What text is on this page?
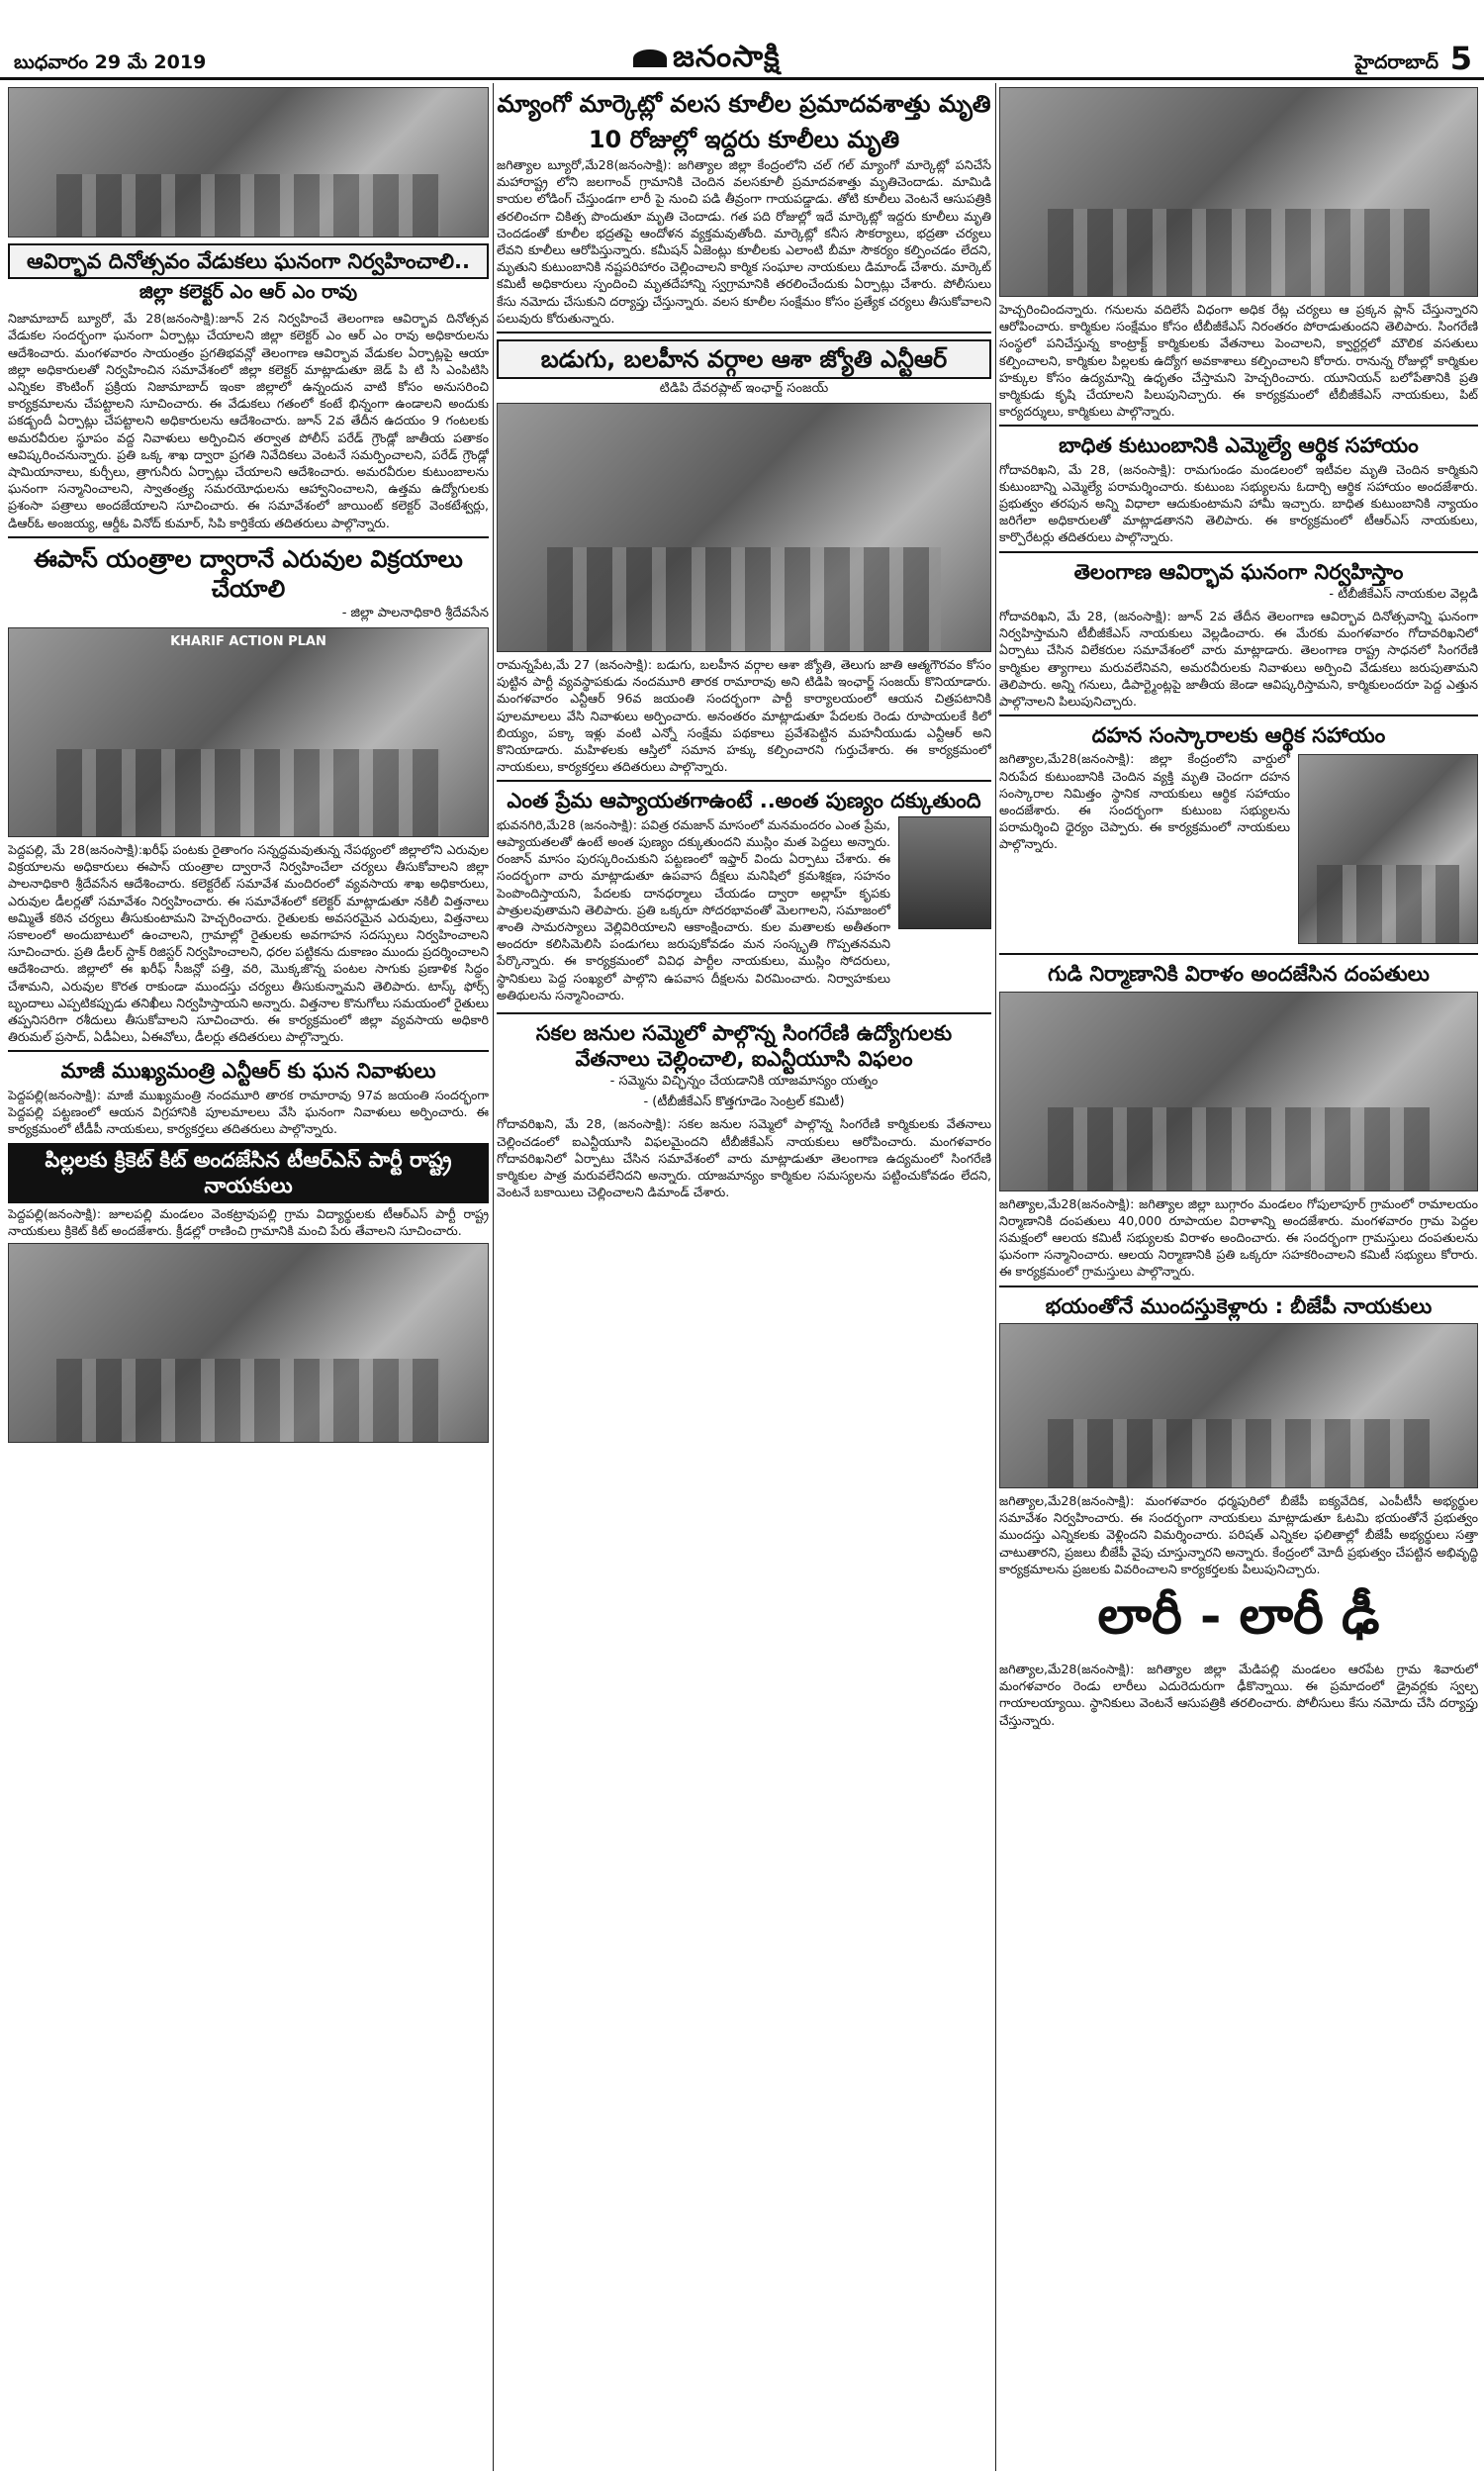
బుధవారం 29 మే 2019	జనంసాక్షి	హైదరాబాద్ 5
ఆవిర్భావ దినోత్సవం వేడుకలు ఘనంగా నిర్వహించాలి..
జిల్లా కలెక్టర్ ఎం ఆర్ ఎం రావు

నిజామాబాద్ బ్యూరో, మే 28(జనంసాక్షి):జూన్ 2న నిర్వహించే తెలంగాణ ఆవిర్భావ దినోత్సవ వేడుకల సందర్భంగా ఘనంగా ఏర్పాట్లు చేయాలని జిల్లా కలెక్టర్ ఎం ఆర్ ఎం రావు అధికారులను ఆదేశించారు. మంగళవారం సాయంత్రం ప్రగతిభవన్లో తెలంగాణ ఆవిర్భావ వేడుకల ఏర్పాట్లపై ఆయా జిల్లా అధికారులతో నిర్వహించిన సమావేశంలో జిల్లా కలెక్టర్ మాట్లాడుతూ జెడ్ పి టి సి ఎంపిటిసి ఎన్నికల కౌంటింగ్ ప్రక్రియ నిజామాబాద్ ఇంకా జిల్లాలో ఉన్నందున వాటి కోసం అనుసరించి కార్యక్రమాలను చేపట్టాలని సూచించారు. ఈ వేడుకలు గతంలో కంటే భిన్నంగా ఉండాలని అందుకు పకడ్బందీ ఏర్పాట్లు చేపట్టాలని అధికారులను ఆదేశించారు. జూన్ 2వ తేదీన ఉదయం 9 గంటలకు అమరవీరుల స్థూపం వద్ద నివాళులు అర్పించిన తర్వాత పోలీస్ పరేడ్ గ్రౌండ్లో జాతీయ పతాకం ఆవిష్కరించనున్నారు. ప్రతి ఒక్క శాఖ ద్వారా ప్రగతి నివేదికలు వెంటనే సమర్పించాలని, పరేడ్ గ్రౌండ్లో షామియానాలు, కుర్చీలు, త్రాగునీరు ఏర్పాట్లు చేయాలని ఆదేశించారు. అమరవీరుల కుటుంబాలను ఘనంగా సన్మానించాలని, స్వాతంత్ర్య సమరయోధులను ఆహ్వానించాలని, ఉత్తమ ఉద్యోగులకు ప్రశంసా పత్రాలు అందజేయాలని సూచించారు. ఈ సమావేశంలో జాయింట్ కలెక్టర్ వెంకటేశ్వర్లు, డిఆర్ఓ అంజయ్య, ఆర్డీఓ వినోద్ కుమార్, సిపి కార్తికేయ తదితరులు పాల్గొన్నారు.

ఈపాస్ యంత్రాల ద్వారానే ఎరువుల విక్రయాలు చేయాలి
- జిల్లా పాలనాధికారి శ్రీదేవసేన
KHARIF ACTION PLAN

పెద్దపల్లి, మే 28(జనంసాక్షి):ఖరీఫ్ పంటకు రైతాంగం సన్నద్ధమవుతున్న నేపథ్యంలో జిల్లాలోని ఎరువుల విక్రయాలను అధికారులు ఈపాస్ యంత్రాల ద్వారానే నిర్వహించేలా చర్యలు తీసుకోవాలని జిల్లా పాలనాధికారి శ్రీదేవసేన ఆదేశించారు. కలెక్టరేట్ సమావేశ మందిరంలో వ్యవసాయ శాఖ అధికారులు, ఎరువుల డీలర్లతో సమావేశం నిర్వహించారు. ఈ సమావేశంలో కలెక్టర్ మాట్లాడుతూ నకిలీ విత్తనాలు అమ్మితే కఠిన చర్యలు తీసుకుంటామని హెచ్చరించారు. రైతులకు అవసరమైన ఎరువులు, విత్తనాలు సకాలంలో అందుబాటులో ఉంచాలని, గ్రామాల్లో రైతులకు అవగాహన సదస్సులు నిర్వహించాలని సూచించారు. ప్రతి డీలర్ స్టాక్ రిజిస్టర్ నిర్వహించాలని, ధరల పట్టికను దుకాణం ముందు ప్రదర్శించాలని ఆదేశించారు. జిల్లాలో ఈ ఖరీఫ్ సీజన్లో పత్తి, వరి, మొక్కజొన్న పంటల సాగుకు ప్రణాళిక సిద్ధం చేశామని, ఎరువుల కొరత రాకుండా ముందస్తు చర్యలు తీసుకున్నామని తెలిపారు. టాస్క్ ఫోర్స్ బృందాలు ఎప్పటికప్పుడు తనిఖీలు నిర్వహిస్తాయని అన్నారు. విత్తనాల కొనుగోలు సమయంలో రైతులు తప్పనిసరిగా రశీదులు తీసుకోవాలని సూచించారు. ఈ కార్యక్రమంలో జిల్లా వ్యవసాయ అధికారి తిరుమల్ ప్రసాద్, ఏడీఏలు, ఏఈవోలు, డీలర్లు తదితరులు పాల్గొన్నారు.

మాజీ ముఖ్యమంత్రి ఎన్టీఆర్ కు ఘన నివాళులు

పెద్దపల్లి(జనంసాక్షి): మాజీ ముఖ్యమంత్రి నందమూరి తారక రామారావు 97వ జయంతి సందర్భంగా పెద్దపల్లి పట్టణంలో ఆయన విగ్రహానికి పూలమాలలు వేసి ఘనంగా నివాళులు అర్పించారు. ఈ కార్యక్రమంలో టీడీపీ నాయకులు, కార్యకర్తలు తదితరులు పాల్గొన్నారు.

పిల్లలకు క్రికెట్ కిట్ అందజేసిన టీఆర్ఎస్ పార్టీ రాష్ట్ర నాయకులు

పెద్దపల్లి(జనంసాక్షి): జూలపల్లి మండలం వెంకట్రావుపల్లి గ్రామ విద్యార్థులకు టీఆర్ఎస్ పార్టీ రాష్ట్ర నాయకులు క్రికెట్ కిట్ అందజేశారు. క్రీడల్లో రాణించి గ్రామానికి మంచి పేరు తేవాలని సూచించారు.

మ్యాంగో మార్కెట్లో వలస కూలీల ప్రమాదవశాత్తు మృతి
10 రోజుల్లో ఇద్దరు కూలీలు మృతి

జగిత్యాల బ్యూరో,మే28(జనంసాక్షి): జగిత్యాల జిల్లా కేంద్రంలోని చల్ గల్ మ్యాంగో మార్కెట్లో పనిచేసే మహారాష్ట్ర లోని జలగాంవ్ గ్రామానికి చెందిన వలసకూలీ ప్రమాదవశాత్తు మృతిచెందాడు. మామిడి కాయల లోడింగ్ చేస్తుండగా లారీ పై నుంచి పడి తీవ్రంగా గాయపడ్డాడు. తోటి కూలీలు వెంటనే ఆసుపత్రికి తరలించగా చికిత్స పొందుతూ మృతి చెందాడు. గత పది రోజుల్లో ఇదే మార్కెట్లో ఇద్దరు కూలీలు మృతి చెందడంతో కూలీల భద్రతపై ఆందోళన వ్యక్తమవుతోంది. మార్కెట్లో కనీస సౌకర్యాలు, భద్రతా చర్యలు లేవని కూలీలు ఆరోపిస్తున్నారు. కమీషన్ ఏజెంట్లు కూలీలకు ఎలాంటి బీమా సౌకర్యం కల్పించడం లేదని, మృతుని కుటుంబానికి నష్టపరిహారం చెల్లించాలని కార్మిక సంఘాల నాయకులు డిమాండ్ చేశారు. మార్కెట్ కమిటీ అధికారులు స్పందించి మృతదేహాన్ని స్వగ్రామానికి తరలించేందుకు ఏర్పాట్లు చేశారు. పోలీసులు కేసు నమోదు చేసుకుని దర్యాప్తు చేస్తున్నారు. వలస కూలీల సంక్షేమం కోసం ప్రత్యేక చర్యలు తీసుకోవాలని పలువురు కోరుతున్నారు.

బడుగు, బలహీన వర్గాల ఆశా జ్యోతి ఎన్టీఆర్
టిడిపి దేవరప్లాట్ ఇంఛార్జ్ సంజయ్

రామన్నపేట,మే 27 (జనంసాక్షి): బడుగు, బలహీన వర్గాల ఆశా జ్యోతి, తెలుగు జాతి ఆత్మగౌరవం కోసం పుట్టిన పార్టీ వ్యవస్థాపకుడు నందమూరి తారక రామారావు అని టిడిపి ఇంఛార్జ్ సంజయ్ కొనియాడారు. మంగళవారం ఎన్టీఆర్ 96వ జయంతి సందర్భంగా పార్టీ కార్యాలయంలో ఆయన చిత్రపటానికి పూలమాలలు వేసి నివాళులు అర్పించారు. అనంతరం మాట్లాడుతూ పేదలకు రెండు రూపాయలకే కిలో బియ్యం, పక్కా ఇళ్లు వంటి ఎన్నో సంక్షేమ పథకాలు ప్రవేశపెట్టిన మహనీయుడు ఎన్టీఆర్ అని కొనియాడారు. మహిళలకు ఆస్తిలో సమాన హక్కు కల్పించారని గుర్తుచేశారు. ఈ కార్యక్రమంలో నాయకులు, కార్యకర్తలు తదితరులు పాల్గొన్నారు.

ఎంత ప్రేమ ఆప్యాయతగాఉంటే ..అంత పుణ్యం దక్కుతుంది

భువనగిరి,మే28 (జనంసాక్షి): పవిత్ర రమజాన్ మాసంలో మనమందరం ఎంత ప్రేమ, ఆప్యాయతలతో ఉంటే అంత పుణ్యం దక్కుతుందని ముస్లిం మత పెద్దలు అన్నారు. రంజాన్ మాసం పురస్కరించుకుని పట్టణంలో ఇఫ్తార్ విందు ఏర్పాటు చేశారు. ఈ సందర్భంగా వారు మాట్లాడుతూ ఉపవాస దీక్షలు మనిషిలో క్రమశిక్షణ, సహనం పెంపొందిస్తాయని, పేదలకు దానధర్మాలు చేయడం ద్వారా అల్లాహ్ కృపకు పాత్రులవుతామని తెలిపారు. ప్రతి ఒక్కరూ సోదరభావంతో మెలగాలని, సమాజంలో శాంతి సామరస్యాలు వెల్లివిరియాలని ఆకాంక్షించారు. కుల మతాలకు అతీతంగా అందరూ కలిసిమెలిసి పండుగలు జరుపుకోవడం మన సంస్కృతి గొప్పతనమని పేర్కొన్నారు. ఈ కార్యక్రమంలో వివిధ పార్టీల నాయకులు, ముస్లిం సోదరులు, స్థానికులు పెద్ద సంఖ్యలో పాల్గొని ఉపవాస దీక్షలను విరమించారు. నిర్వాహకులు అతిథులను సన్మానించారు.

సకల జనుల సమ్మెలో పాల్గొన్న సింగరేణి ఉద్యోగులకు వేతనాలు చెల్లించాలి, ఐఎన్టీయూసి విఫలం
- సమ్మెను విచ్ఛిన్నం చేయడానికి యాజమాన్యం యత్నం
- (టీబీజీకేఎస్ కొత్తగూడెం సెంట్రల్ కమిటీ)

గోదావరిఖని, మే 28, (జనంసాక్షి): సకల జనుల సమ్మెలో పాల్గొన్న సింగరేణి కార్మికులకు వేతనాలు చెల్లించడంలో ఐఎన్టీయూసి విఫలమైందని టీబీజీకేఎస్ నాయకులు ఆరోపించారు. మంగళవారం గోదావరిఖనిలో ఏర్పాటు చేసిన సమావేశంలో వారు మాట్లాడుతూ తెలంగాణ ఉద్యమంలో సింగరేణి కార్మికుల పాత్ర మరువలేనిదని అన్నారు. యాజమాన్యం కార్మికుల సమస్యలను పట్టించుకోవడం లేదని, వెంటనే బకాయిలు చెల్లించాలని డిమాండ్ చేశారు.

హెచ్చరించిందన్నారు. గనులను వదిలేసే విధంగా అధిక రేట్ల చర్యలు ఆ ప్రక్కన ప్లాన్ చేస్తున్నారని ఆరోపించారు. కార్మికుల సంక్షేమం కోసం టీబీజీకేఎస్ నిరంతరం పోరాడుతుందని తెలిపారు. సింగరేణి సంస్థలో పనిచేస్తున్న కాంట్రాక్ట్ కార్మికులకు వేతనాలు పెంచాలని, క్వార్టర్లలో మౌలిక వసతులు కల్పించాలని, కార్మికుల పిల్లలకు ఉద్యోగ అవకాశాలు కల్పించాలని కోరారు. రానున్న రోజుల్లో కార్మికుల హక్కుల కోసం ఉద్యమాన్ని ఉధృతం చేస్తామని హెచ్చరించారు. యూనియన్ బలోపేతానికి ప్రతి కార్మికుడు కృషి చేయాలని పిలుపునిచ్చారు. ఈ కార్యక్రమంలో టీబీజీకేఎస్ నాయకులు, పిట్ కార్యదర్శులు, కార్మికులు పాల్గొన్నారు.

బాధిత కుటుంబానికి ఎమ్మెల్యే ఆర్థిక సహాయం

గోదావరిఖని, మే 28, (జనంసాక్షి): రామగుండం మండలంలో ఇటీవల మృతి చెందిన కార్మికుని కుటుంబాన్ని ఎమ్మెల్యే పరామర్శించారు. కుటుంబ సభ్యులను ఓదార్చి ఆర్థిక సహాయం అందజేశారు. ప్రభుత్వం తరపున అన్ని విధాలా ఆదుకుంటామని హామీ ఇచ్చారు. బాధిత కుటుంబానికి న్యాయం జరిగేలా అధికారులతో మాట్లాడతానని తెలిపారు. ఈ కార్యక్రమంలో టీఆర్ఎస్ నాయకులు, కార్పొరేటర్లు తదితరులు పాల్గొన్నారు.

తెలంగాణ ఆవిర్భావ ఘనంగా నిర్వహిస్తాం
- టీబీజీకేఎస్ నాయకుల వెల్లడి

గోదావరిఖని, మే 28, (జనంసాక్షి): జూన్ 2వ తేదీన తెలంగాణ ఆవిర్భావ దినోత్సవాన్ని ఘనంగా నిర్వహిస్తామని టీబీజీకేఎస్ నాయకులు వెల్లడించారు. ఈ మేరకు మంగళవారం గోదావరిఖనిలో ఏర్పాటు చేసిన విలేకరుల సమావేశంలో వారు మాట్లాడారు. తెలంగాణ రాష్ట్ర సాధనలో సింగరేణి కార్మికుల త్యాగాలు మరువలేనివని, అమరవీరులకు నివాళులు అర్పించి వేడుకలు జరుపుతామని తెలిపారు. అన్ని గనులు, డిపార్ట్మెంట్లపై జాతీయ జెండా ఆవిష్కరిస్తామని, కార్మికులందరూ పెద్ద ఎత్తున పాల్గొనాలని పిలుపునిచ్చారు.

దహన సంస్కారాలకు ఆర్థిక సహాయం

జగిత్యాల,మే28(జనంసాక్షి): జిల్లా కేంద్రంలోని వార్డులో నిరుపేద కుటుంబానికి చెందిన వ్యక్తి మృతి చెందగా దహన సంస్కారాల నిమిత్తం స్థానిక నాయకులు ఆర్థిక సహాయం అందజేశారు. ఈ సందర్భంగా కుటుంబ సభ్యులను పరామర్శించి ధైర్యం చెప్పారు. ఈ కార్యక్రమంలో నాయకులు పాల్గొన్నారు.

గుడి నిర్మాణానికి విరాళం అందజేసిన దంపతులు

జగిత్యాల,మే28(జనంసాక్షి): జగిత్యాల జిల్లా బుగ్గారం మండలం గోపులాపూర్ గ్రామంలో రామాలయం నిర్మాణానికి దంపతులు 40,000 రూపాయల విరాళాన్ని అందజేశారు. మంగళవారం గ్రామ పెద్దల సమక్షంలో ఆలయ కమిటీ సభ్యులకు విరాళం అందించారు. ఈ సందర్భంగా గ్రామస్తులు దంపతులను ఘనంగా సన్మానించారు. ఆలయ నిర్మాణానికి ప్రతి ఒక్కరూ సహకరించాలని కమిటీ సభ్యులు కోరారు. ఈ కార్యక్రమంలో గ్రామస్తులు పాల్గొన్నారు.

భయంతోనే ముందస్తుకెళ్లారు : బీజేపీ నాయకులు

జగిత్యాల,మే28(జనంసాక్షి): మంగళవారం ధర్మపురిలో బీజేపీ ఐక్యవేదిక, ఎంపీటీసీ అభ్యర్థుల సమావేశం నిర్వహించారు. ఈ సందర్భంగా నాయకులు మాట్లాడుతూ ఓటమి భయంతోనే ప్రభుత్వం ముందస్తు ఎన్నికలకు వెళ్లిందని విమర్శించారు. పరిషత్ ఎన్నికల ఫలితాల్లో బీజేపీ అభ్యర్థులు సత్తా చాటుతారని, ప్రజలు బీజేపీ వైపు చూస్తున్నారని అన్నారు. కేంద్రంలో మోదీ ప్రభుత్వం చేపట్టిన అభివృద్ధి కార్యక్రమాలను ప్రజలకు వివరించాలని కార్యకర్తలకు పిలుపునిచ్చారు.

లారీ - లారీ ఢీ

జగిత్యాల,మే28(జనంసాక్షి): జగిత్యాల జిల్లా మేడిపల్లి మండలం ఆరపేట గ్రామ శివారులో మంగళవారం రెండు లారీలు ఎదురెదురుగా ఢీకొన్నాయి. ఈ ప్రమాదంలో డ్రైవర్లకు స్వల్ప గాయాలయ్యాయి. స్థానికులు వెంటనే ఆసుపత్రికి తరలించారు. పోలీసులు కేసు నమోదు చేసి దర్యాప్తు చేస్తున్నారు.
